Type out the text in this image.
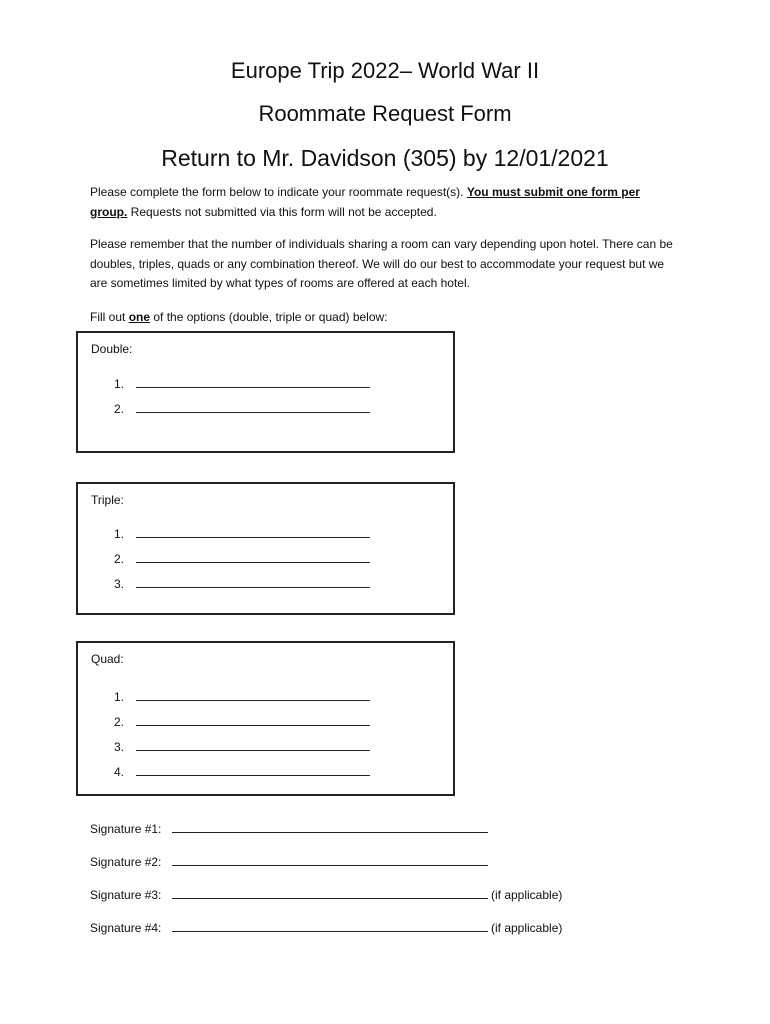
Europe Trip 2022– World War II
Roommate Request Form
Return to Mr. Davidson (305) by 12/01/2021

Please complete the form below to indicate your roommate request(s). You must submit one form per group. Requests not submitted via this form will not be accepted.

Please remember that the number of individuals sharing a room can vary depending upon hotel. There can be doubles, triples, quads or any combination thereof. We will do our best to accommodate your request but we are sometimes limited by what types of rooms are offered at each hotel.

Fill out one of the options (double, triple or quad) below:

Double:
1.
2.
Triple:
1.
2.
3.
Quad:
1.
2.
3.
4.
Signature #1:
Signature #2:
Signature #3:	(if applicable)
Signature #4:	(if applicable)
